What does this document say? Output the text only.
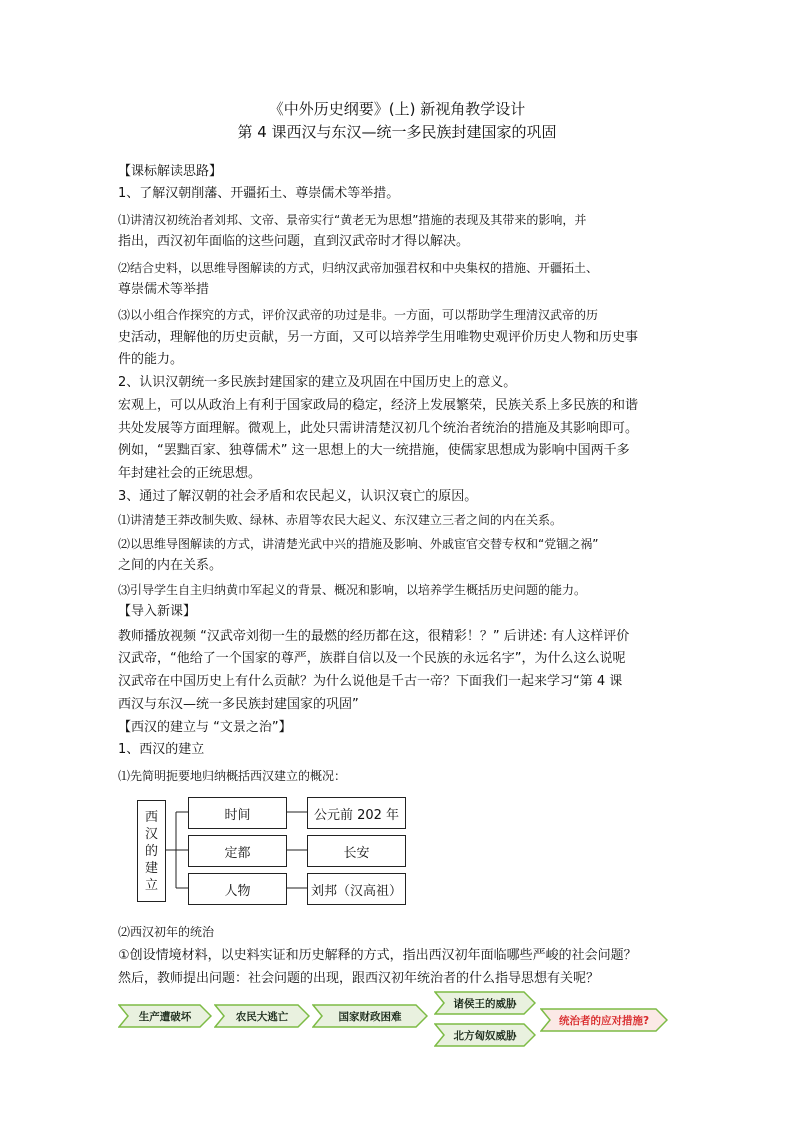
《中外历史纲要》(上) 新视角教学设计
第 4 课西汉与东汉—统一多民族封建国家的巩固
【课标解读思路】
1、了解汉朝削藩、开疆拓土、尊崇儒术等举措。
⑴讲清汉初统治者刘邦、文帝、景帝实行“黄老无为思想”措施的表现及其带来的影响，并
指出，西汉初年面临的这些问题，直到汉武帝时才得以解决。
⑵结合史料，以思维导图解读的方式，归纳汉武帝加强君权和中央集权的措施、开疆拓土、
尊崇儒术等举措
⑶以小组合作探究的方式，评价汉武帝的功过是非。一方面，可以帮助学生理清汉武帝的历
史活动，理解他的历史贡献，另一方面，又可以培养学生用唯物史观评价历史人物和历史事
件的能力。
2、认识汉朝统一多民族封建国家的建立及巩固在中国历史上的意义。
宏观上，可以从政治上有利于国家政局的稳定，经济上发展繁荣，民族关系上多民族的和谐
共处发展等方面理解。微观上，此处只需讲清楚汉初几个统治者统治的措施及其影响即可。
例如，“罢黜百家、独尊儒术” 这一思想上的大一统措施，使儒家思想成为影响中国两千多
年封建社会的正统思想。
3、通过了解汉朝的社会矛盾和农民起义，认识汉衰亡的原因。
⑴讲清楚王莽改制失败、绿林、赤眉等农民大起义、东汉建立三者之间的内在关系。
⑵以思维导图解读的方式，讲清楚光武中兴的措施及影响、外戚宦官交替专权和“党锢之祸”
之间的内在关系。
⑶引导学生自主归纳黄巾军起义的背景、概况和影响，以培养学生概括历史问题的能力。
【导入新课】
教师播放视频 “汉武帝刘彻一生的最燃的经历都在这，很精彩！？” 后讲述: 有人这样评价
汉武帝，“他给了一个国家的尊严，族群自信以及一个民族的永远名字”，为什么这么说呢
汉武帝在中国历史上有什么贡献？为什么说他是千古一帝？下面我们一起来学习“第 4 课
西汉与东汉—统一多民族封建国家的巩固”
【西汉的建立与 “文景之治”】
1、西汉的建立
⑴先简明扼要地归纳概括西汉建立的概况：
西
汉
的
建
立
时间
定都
人物
公元前 202 年
长安
刘邦（汉高祖）
⑵西汉初年的统治
①创设情境材料，以史料实证和历史解释的方式，指出西汉初年面临哪些严峻的社会问题？
然后，教师提出问题：社会问题的出现，跟西汉初年统治者的什么指导思想有关呢？
生产遭破坏	农民大逃亡	国家财政困难
诸侯王的威胁
北方匈奴威胁
统治者的应对措施?
